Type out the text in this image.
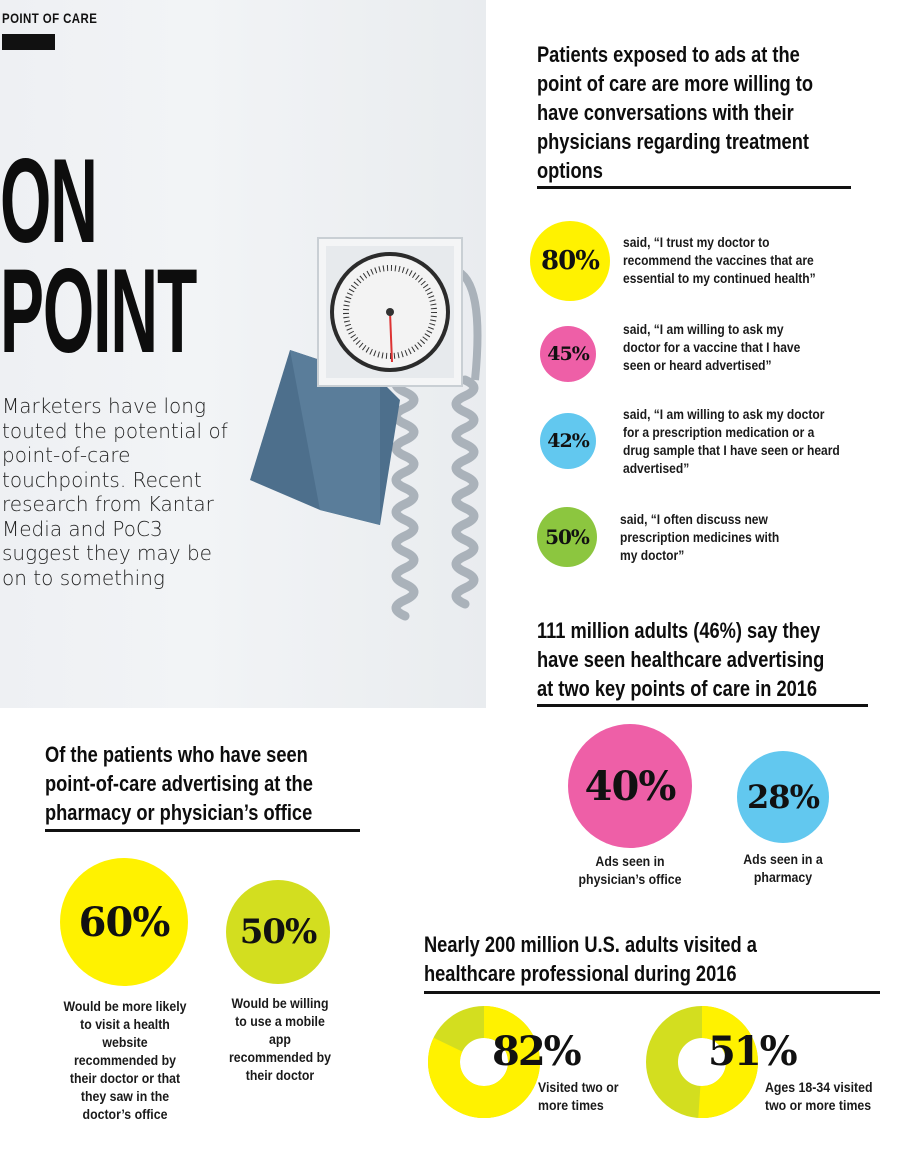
POINT OF CARE
ON
POINT
Marketers have long touted the potential of point-of-care touchpoints. Recent research from Kantar Media and PoC3 suggest they may be on to something
Patients exposed to ads at the point of care are more willing to have conversations with their physicians regarding treatment options
80%
said, “I trust my doctor to recommend the vaccines that are essential to my continued health”
45%
said, “I am willing to ask my doctor for a vaccine that I have seen or heard advertised”
42%
said, “I am willing to ask my doctor for a prescription medication or a drug sample that I have seen or heard advertised”
50%
said, “I often discuss new prescription medicines with my doctor”
111 million adults (46%) say they have seen healthcare advertising at two key points of care in 2016
40%
Ads seen in physician’s office
28%
Ads seen in a pharmacy
Of the patients who have seen point-of-care advertising at the pharmacy or physician’s office
60%
Would be more likely to visit a health website recommended by their doctor or that they saw in the doctor’s office
50%
Would be willing to use a mobile app recommended by their doctor
Nearly 200 million U.S. adults visited a healthcare professional during 2016
82%
Visited two or more times
51%
Ages 18-34 visited two or more times
